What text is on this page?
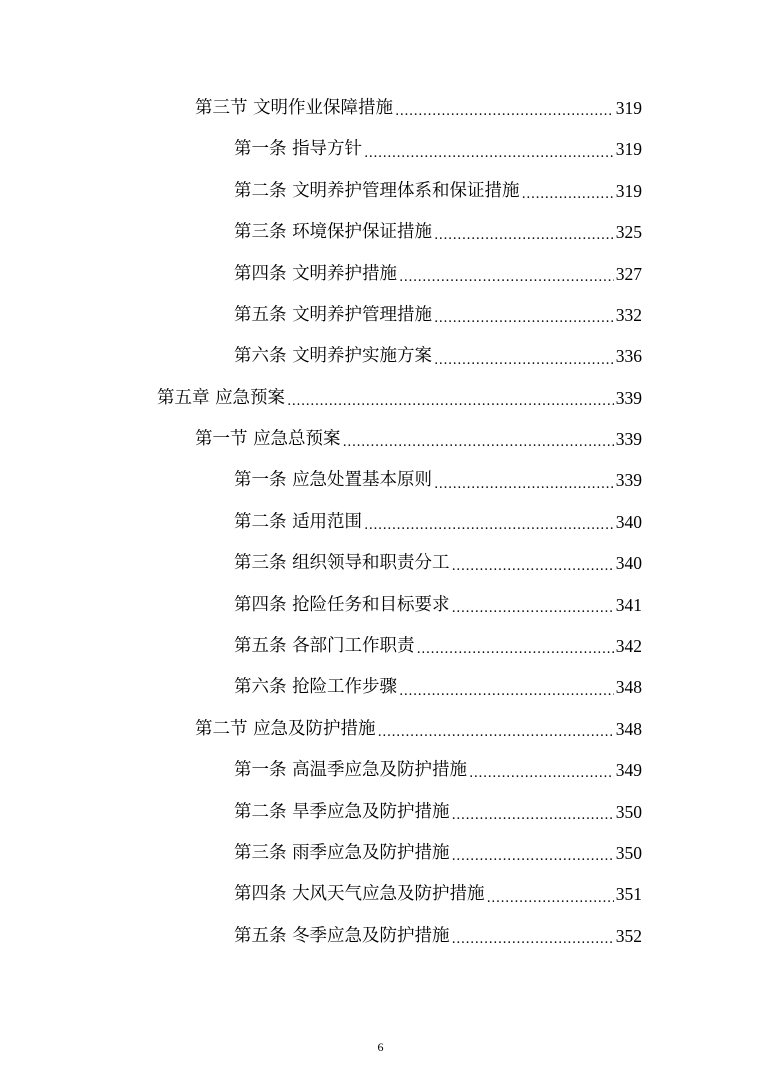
第三节 文明作业保障措施 .....	319
第一条 指导方针 .....	319
第二条 文明养护管理体系和保证措施 .....	319
第三条 环境保护保证措施 .....	325
第四条 文明养护措施 .....	327
第五条 文明养护管理措施 .....	332
第六条 文明养护实施方案 .....	336
第五章 应急预案 .....	339
第一节 应急总预案 .....	339
第一条 应急处置基本原则 .....	339
第二条 适用范围 .....	340
第三条 组织领导和职责分工 .....	340
第四条 抢险任务和目标要求 .....	341
第五条 各部门工作职责 .....	342
第六条 抢险工作步骤 .....	348
第二节 应急及防护措施 .....	348
第一条 高温季应急及防护措施 .....	349
第二条 旱季应急及防护措施 .....	350
第三条 雨季应急及防护措施 .....	350
第四条 大风天气应急及防护措施 .....	351
第五条 冬季应急及防护措施 .....	352
6
